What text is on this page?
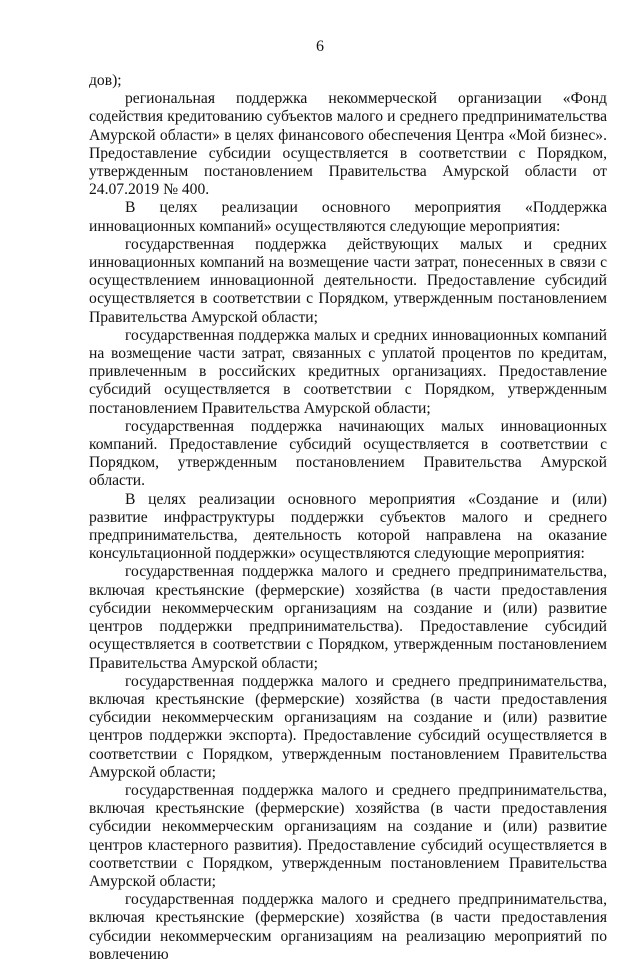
6

дов);

региональная поддержка некоммерческой организации «Фонд содействия кредитованию субъектов малого и среднего предпринимательства Амурской области» в целях финансового обеспечения Центра «Мой бизнес». Предоставление субсидии осуществляется в соответствии с Порядком, утвержденным постановлением Правительства Амурской области от 24.07.2019 № 400.

В целях реализации основного мероприятия «Поддержка инновационных компаний» осуществляются следующие мероприятия:

государственная поддержка действующих малых и средних инновационных компаний на возмещение части затрат, понесенных в связи с осуществлением инновационной деятельности. Предоставление субсидий осуществляется в соответствии с Порядком, утвержденным постановлением Правительства Амурской области;

государственная поддержка малых и средних инновационных компаний на возмещение части затрат, связанных с уплатой процентов по кредитам, привлеченным в российских кредитных организациях. Предоставление субсидий осуществляется в соответствии с Порядком, утвержденным постановлением Правительства Амурской области;

государственная поддержка начинающих малых инновационных компаний. Предоставление субсидий осуществляется в соответствии с Порядком, утвержденным постановлением Правительства Амурской области.

В целях реализации основного мероприятия «Создание и (или) развитие инфраструктуры поддержки субъектов малого и среднего предпринимательства, деятельность которой направлена на оказание консультационной поддержки» осуществляются следующие мероприятия:

государственная поддержка малого и среднего предпринимательства, включая крестьянские (фермерские) хозяйства (в части предоставления субсидии некоммерческим организациям на создание и (или) развитие центров поддержки предпринимательства). Предоставление субсидий осуществляется в соответствии с Порядком, утвержденным постановлением Правительства Амурской области;

государственная поддержка малого и среднего предпринимательства, включая крестьянские (фермерские) хозяйства (в части предоставления субсидии некоммерческим организациям на создание и (или) развитие центров поддержки экспорта). Предоставление субсидий осуществляется в соответствии с Порядком, утвержденным постановлением Правительства Амурской области;

государственная поддержка малого и среднего предпринимательства, включая крестьянские (фермерские) хозяйства (в части предоставления субсидии некоммерческим организациям на создание и (или) развитие центров кластерного развития). Предоставление субсидий осуществляется в соответствии с Порядком, утвержденным постановлением Правительства Амурской области;

государственная поддержка малого и среднего предпринимательства, включая крестьянские (фермерские) хозяйства (в части предоставления субсидии некоммерческим организациям на реализацию мероприятий по вовлечению
